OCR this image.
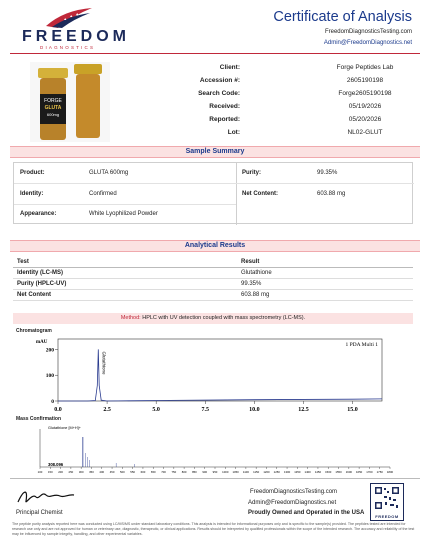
FREEDOM
DIAGNOSTICS
Certificate of Analysis
FreedomDiagnosticsTesting.com
Admin@FreedomDiagnostics.net
FORGE
GLUTA
600mg
Client:	Forge Peptides Lab
Accession #:	2605190198
Search Code:	Forge2605190198
Received:	05/19/2026
Reported:	05/20/2026
Lot:	NL02-GLUT
Sample Summary
Product:	GLUTA 600mg
Identity:	Confirmed
Appearance:	White Lyophilized Powder
Purity:	99.35%
Net Content:	603.88 mg
Analytical Results
Test	Result
Identity (LC-MS)	Glutathione
Purity (HPLC-UV)	99.35%
Net Content	603.88 mg
Method: HPLC with UV detection coupled with mass spectrometry (LC-MS).
Chromatogram
0
100
200
0.0	2.5	5.0	7.5	10.0	12.5	15.0
mAU	1 PDA Multi 1
Glutathione
Mass Confirmation
100 150 200 250 300 350 400 450 500 550 600 650 700 750 800 850 900 950 1000 1050 1100 1150 1200 1250 1300 1350 1400 1450 1500 1550 1600 1650 1700 1750 1800
Glutathione [M+H]+
308.096
Principal Chemist
FreedomDiagnosticsTesting.com
Admin@FreedomDiagnostics.net
Proudly Owned and Operated in the USA
FREEDOM
The peptide purity analysis reported here was conducted using LC/MS/MS under standard laboratory conditions. This analysis is intended for informational purposes only and is specific to the sample(s) provided. The peptides tested are intended for research use only and are not approved for human or veterinary use, diagnostic, therapeutic, or clinical applications. Results should be interpreted by qualified professionals within the scope of the intended research. The accuracy and reliability of the test may be influenced by sample integrity, handling, and other experimental variables.
